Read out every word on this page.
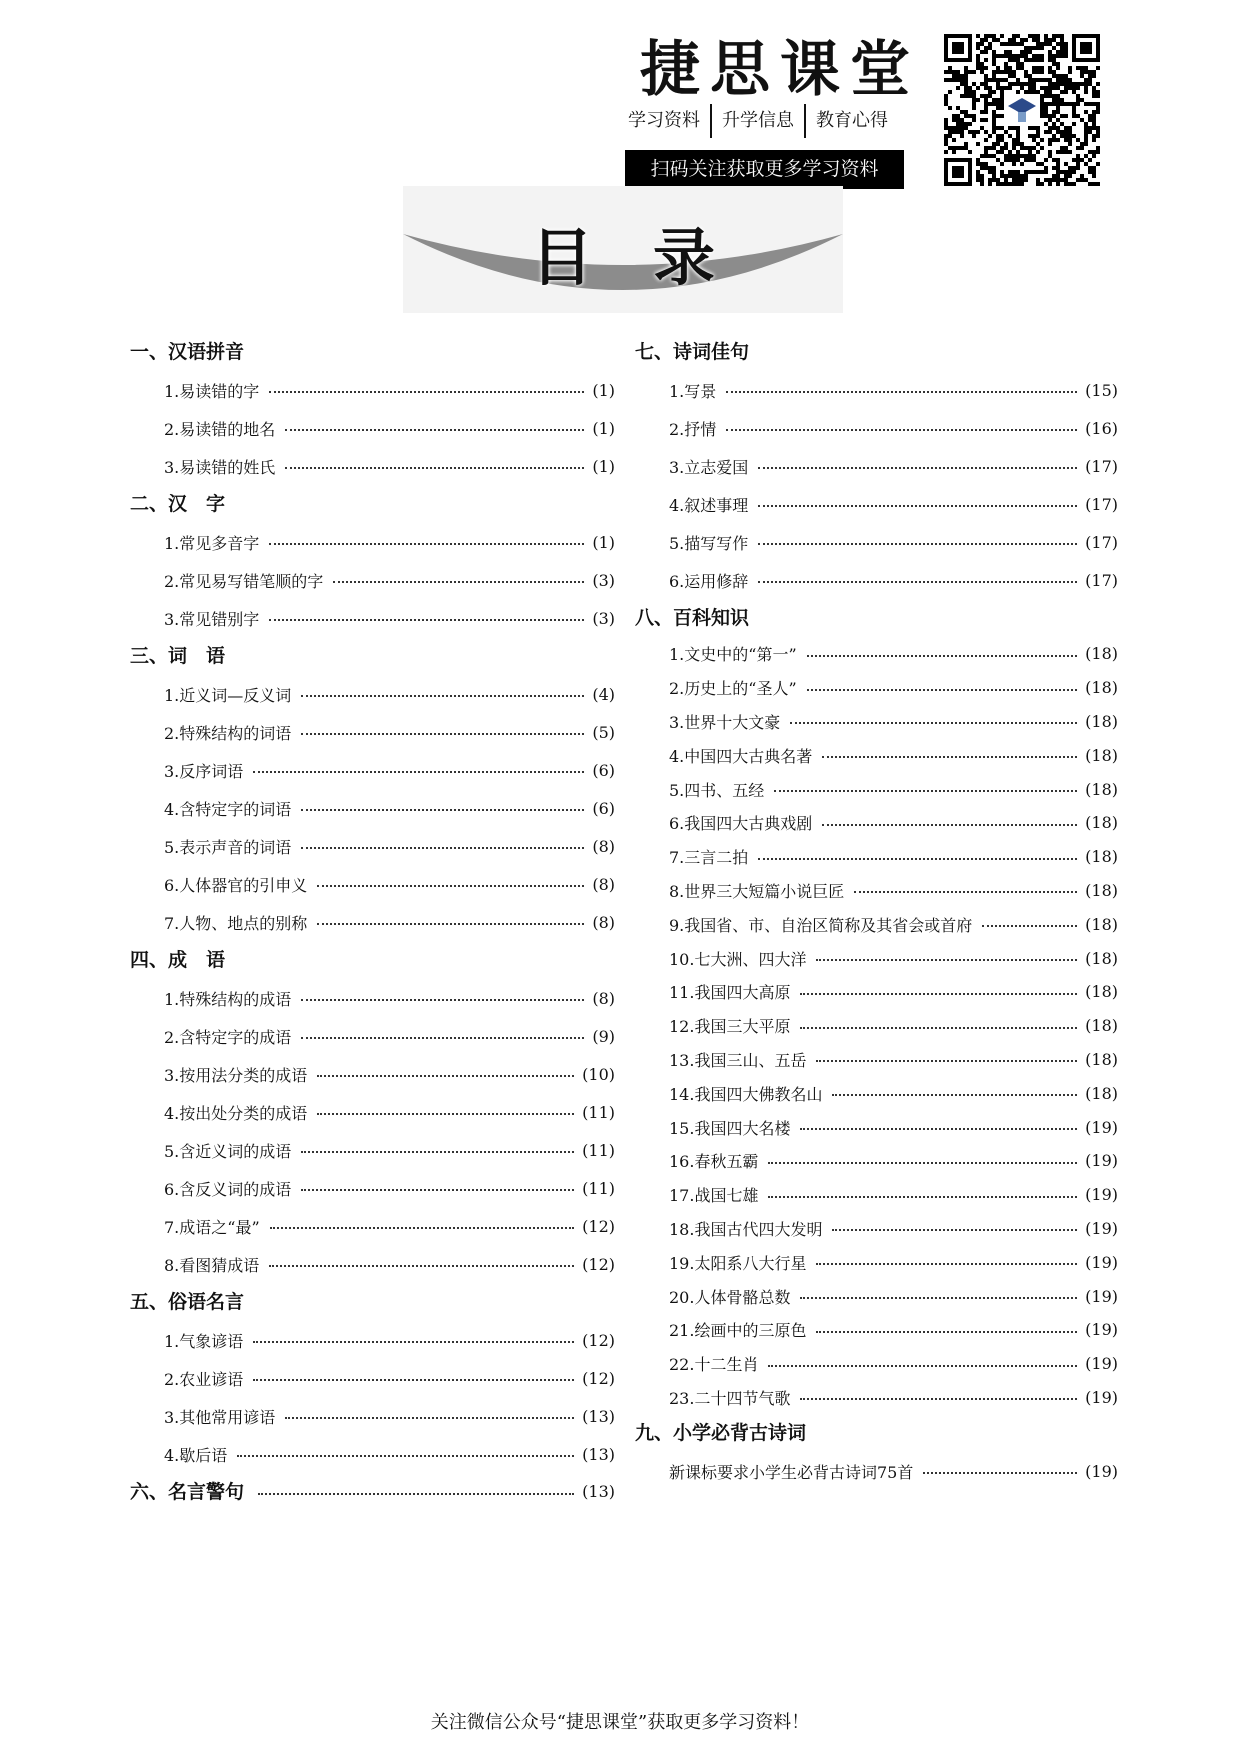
捷思课堂
学习资料	升学信息	教育心得
扫码关注获取更多学习资料
目录
一、汉语拼音
1.易读错的字	(1)
2.易读错的地名	(1)
3.易读错的姓氏	(1)
二、汉　字
1.常见多音字	(1)
2.常见易写错笔顺的字	(3)
3.常见错别字	(3)
三、词　语
1.近义词—反义词	(4)
2.特殊结构的词语	(5)
3.反序词语	(6)
4.含特定字的词语	(6)
5.表示声音的词语	(8)
6.人体器官的引申义	(8)
7.人物、地点的别称	(8)
四、成　语
1.特殊结构的成语	(8)
2.含特定字的成语	(9)
3.按用法分类的成语	(10)
4.按出处分类的成语	(11)
5.含近义词的成语	(11)
6.含反义词的成语	(11)
7.成语之“最”	(12)
8.看图猜成语	(12)
五、俗语名言
1.气象谚语	(12)
2.农业谚语	(12)
3.其他常用谚语	(13)
4.歇后语	(13)
六、名言警句	(13)
七、诗词佳句
1.写景	(15)
2.抒情	(16)
3.立志爱国	(17)
4.叙述事理	(17)
5.描写写作	(17)
6.运用修辞	(17)
八、百科知识
1.文史中的“第一”	(18)
2.历史上的“圣人”	(18)
3.世界十大文豪	(18)
4.中国四大古典名著	(18)
5.四书、五经	(18)
6.我国四大古典戏剧	(18)
7.三言二拍	(18)
8.世界三大短篇小说巨匠	(18)
9.我国省、市、自治区简称及其省会或首府	(18)
10.七大洲、四大洋	(18)
11.我国四大高原	(18)
12.我国三大平原	(18)
13.我国三山、五岳	(18)
14.我国四大佛教名山	(18)
15.我国四大名楼	(19)
16.春秋五霸	(19)
17.战国七雄	(19)
18.我国古代四大发明	(19)
19.太阳系八大行星	(19)
20.人体骨骼总数	(19)
21.绘画中的三原色	(19)
22.十二生肖	(19)
23.二十四节气歌	(19)
九、小学必背古诗词
新课标要求小学生必背古诗词75首	(19)
关注微信公众号“捷思课堂”获取更多学习资料！
